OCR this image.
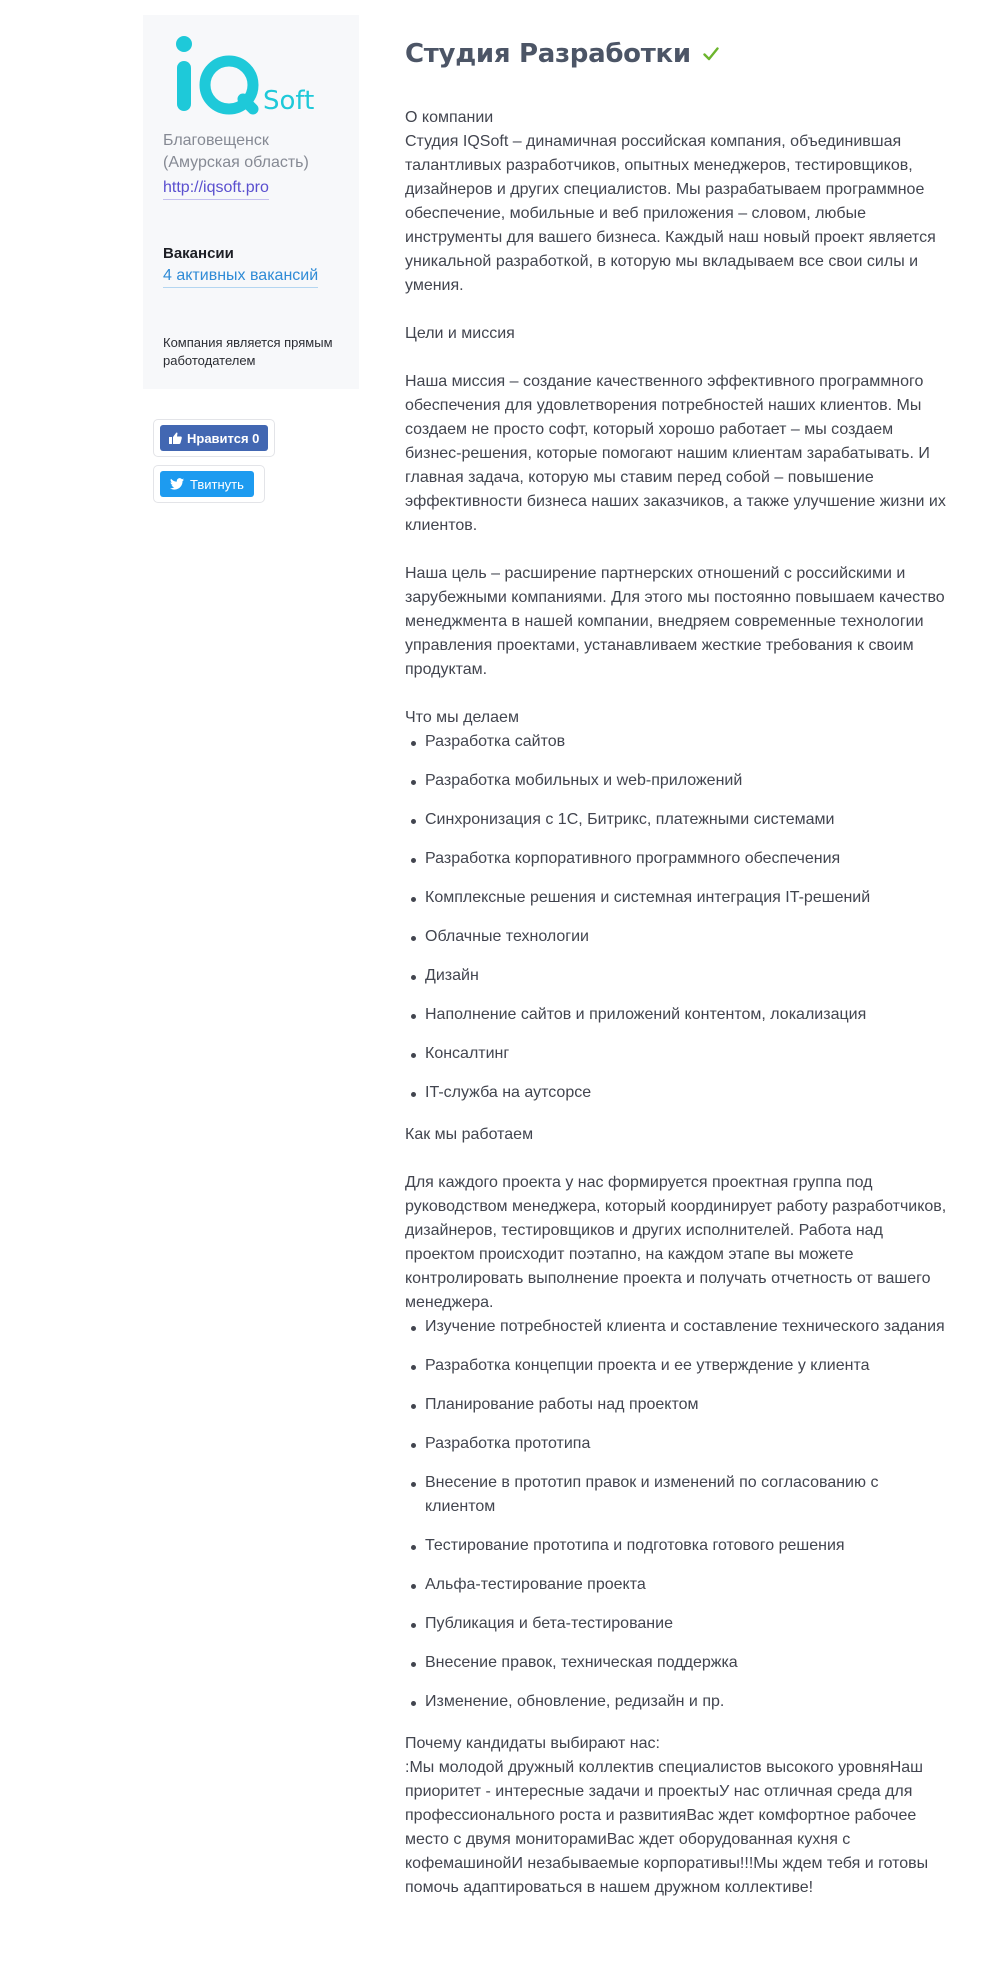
Soft
Благовещенск (Амурская область)
http://iqsoft.pro
Вакансии
4 активных вакансий
Компания является прямым работодателем
Нравится 0
Твитнуть
Студия Разработки

О компании

Студия IQSoft – динамичная российская компания, объединившая талантливых разработчиков, опытных менеджеров, тестировщиков, дизайнеров и других специалистов. Мы разрабатываем программное обеспечение, мобильные и веб приложения – словом, любые инструменты для вашего бизнеса. Каждый наш новый проект является уникальной разработкой, в которую мы вкладываем все свои силы и умения.

Цели и миссия

Наша миссия – создание качественного эффективного программного обеспечения для удовлетворения потребностей наших клиентов. Мы создаем не просто софт, который хорошо работает – мы создаем бизнес-решения, которые помогают нашим клиентам зарабатывать. И главная задача, которую мы ставим перед собой – повышение эффективности бизнеса наших заказчиков, а также улучшение жизни их клиентов.

Наша цель – расширение партнерских отношений с российскими и зарубежными компаниями. Для этого мы постоянно повышаем качество менеджмента в нашей компании, внедряем современные технологии управления проектами, устанавливаем жесткие требования к своим продуктам.

Что мы делаем

Разработка сайтов
Разработка мобильных и web-приложений
Синхронизация с 1С, Битрикс, платежными системами
Разработка корпоративного программного обеспечения
Комплексные решения и системная интеграция IT-решений
Облачные технологии
Дизайн
Наполнение сайтов и приложений контентом, локализация
Консалтинг
IT-служба на аутсорсе

Как мы работаем

Для каждого проекта у нас формируется проектная группа под руководством менеджера, который координирует работу разработчиков, дизайнеров, тестировщиков и других исполнителей. Работа над проектом происходит поэтапно, на каждом этапе вы можете контролировать выполнение проекта и получать отчетность от вашего менеджера.

Изучение потребностей клиента и составление технического задания
Разработка концепции проекта и ее утверждение у клиента
Планирование работы над проектом
Разработка прототипа
Внесение в прототип правок и изменений по согласованию с клиентом
Тестирование прототипа и подготовка готового решения
Альфа-тестирование проекта
Публикация и бета-тестирование
Внесение правок, техническая поддержка
Изменение, обновление, редизайн и пр.

Почему кандидаты выбирают нас:

:Мы молодой дружный коллектив специалистов высокого уровняНаш приоритет - интересные задачи и проектыУ нас отличная среда для профессионального роста и развитияВас ждет комфортное рабочее место с двумя мониторамиВас ждет оборудованная кухня с кофемашинойИ незабываемые корпоративы!!!Мы ждем тебя и готовы помочь адаптироваться в нашем дружном коллективе!
